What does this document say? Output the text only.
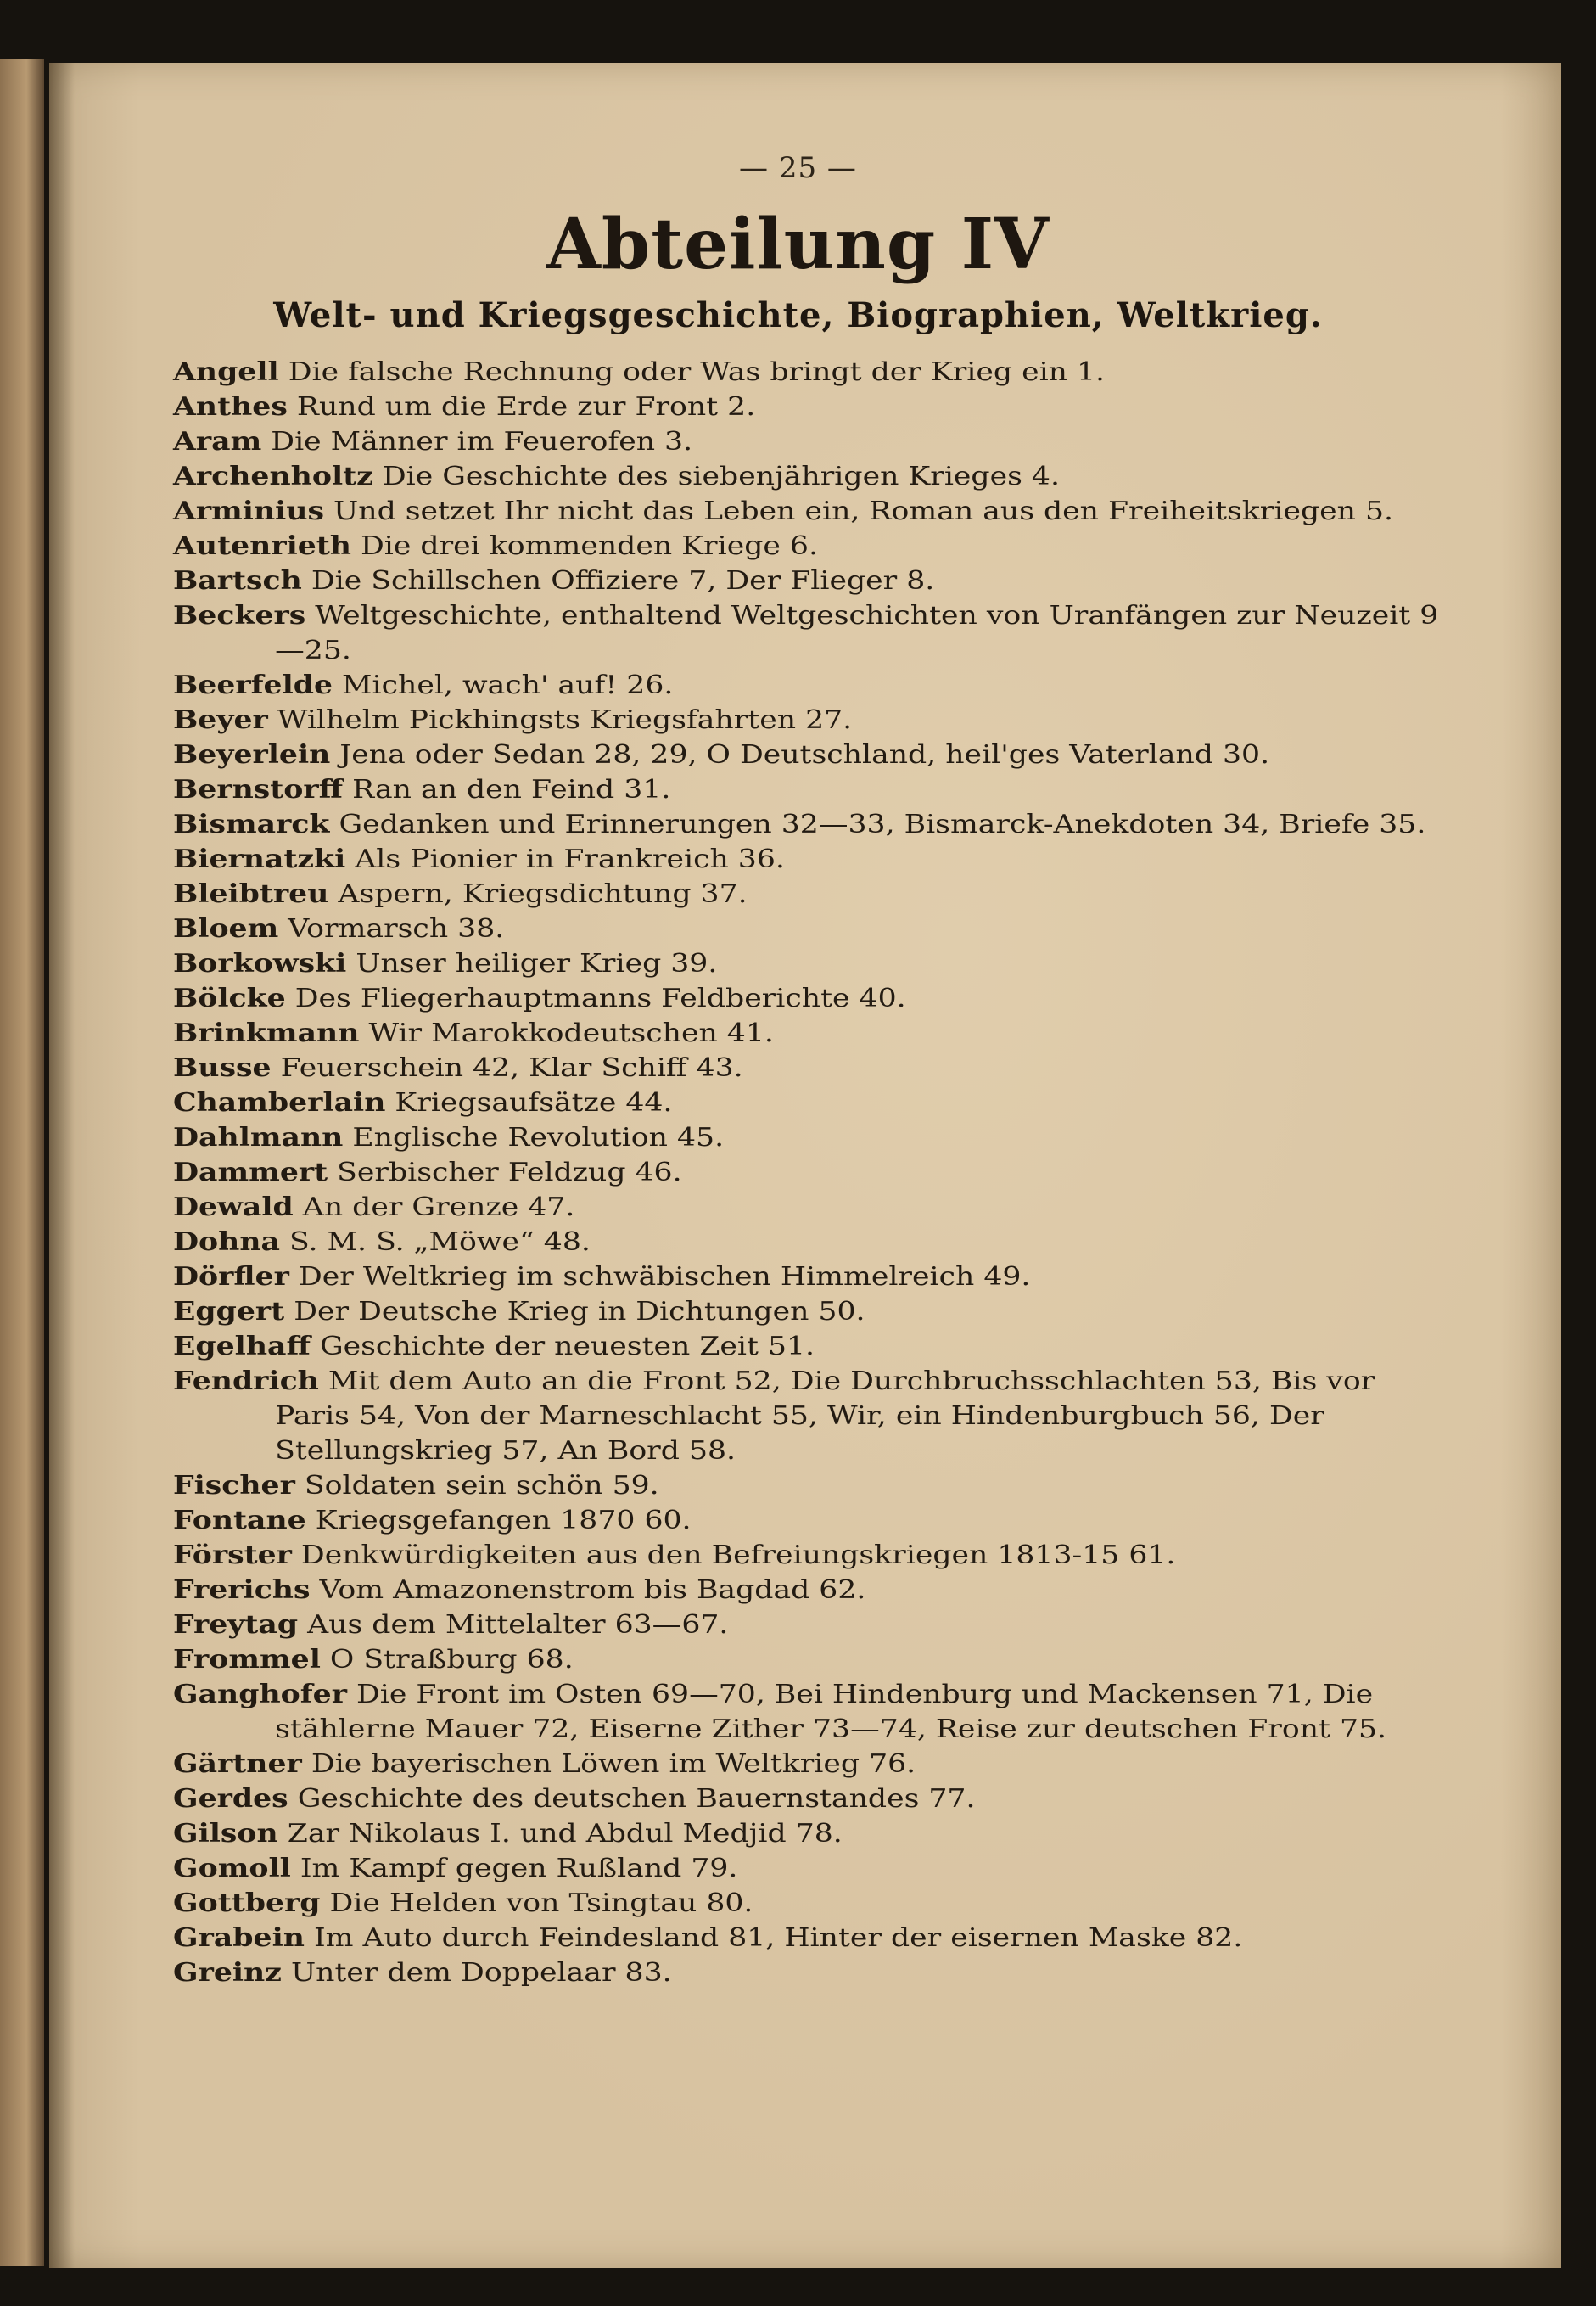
— 25 —
Abteilung IV
Welt- und Kriegsgeschichte, Biographien, Weltkrieg.

Angell Die falsche Rechnung oder Was bringt der Krieg ein 1.

Anthes Rund um die Erde zur Front 2.

Aram Die Männer im Feuerofen 3.

Archenholtz Die Geschichte des siebenjährigen Krieges 4.

Arminius Und setzet Ihr nicht das Leben ein, Roman aus den Freiheitskriegen 5.

Autenrieth Die drei kommenden Kriege 6.

Bartsch Die Schillschen Offiziere 7, Der Flieger 8.

Beckers Weltgeschichte, enthaltend Weltgeschichten von Uranfängen zur Neuzeit 9—25.

Beerfelde Michel, wach' auf! 26.

Beyer Wilhelm Pickhingsts Kriegsfahrten 27.

Beyerlein Jena oder Sedan 28, 29, O Deutschland, heil'ges Vaterland 30.

Bernstorff Ran an den Feind 31.

Bismarck Gedanken und Erinnerungen 32—33, Bismarck-Anekdoten 34, Briefe 35.

Biernatzki Als Pionier in Frankreich 36.

Bleibtreu Aspern, Kriegsdichtung 37.

Bloem Vormarsch 38.

Borkowski Unser heiliger Krieg 39.

Bölcke Des Fliegerhauptmanns Feldberichte 40.

Brinkmann Wir Marokkodeutschen 41.

Busse Feuerschein 42, Klar Schiff 43.

Chamberlain Kriegsaufsätze 44.

Dahlmann Englische Revolution 45.

Dammert Serbischer Feldzug 46.

Dewald An der Grenze 47.

Dohna S. M. S. „Möwe“ 48.

Dörfler Der Weltkrieg im schwäbischen Himmelreich 49.

Eggert Der Deutsche Krieg in Dichtungen 50.

Egelhaff Geschichte der neuesten Zeit 51.

Fendrich Mit dem Auto an die Front 52, Die Durchbruchsschlachten 53, Bis vor Paris 54, Von der Marneschlacht 55, Wir, ein Hindenburgbuch 56, Der Stellungskrieg 57, An Bord 58.

Fischer Soldaten sein schön 59.

Fontane Kriegsgefangen 1870 60.

Förster Denkwürdigkeiten aus den Befreiungskriegen 1813-15 61.

Frerichs Vom Amazonenstrom bis Bagdad 62.

Freytag Aus dem Mittelalter 63—67.

Frommel O Straßburg 68.

Ganghofer Die Front im Osten 69—70, Bei Hindenburg und Mackensen 71, Die stählerne Mauer 72, Eiserne Zither 73—74, Reise zur deutschen Front 75.

Gärtner Die bayerischen Löwen im Weltkrieg 76.

Gerdes Geschichte des deutschen Bauernstandes 77.

Gilson Zar Nikolaus I. und Abdul Medjid 78.

Gomoll Im Kampf gegen Rußland 79.

Gottberg Die Helden von Tsingtau 80.

Grabein Im Auto durch Feindesland 81, Hinter der eisernen Maske 82.

Greinz Unter dem Doppelaar 83.
